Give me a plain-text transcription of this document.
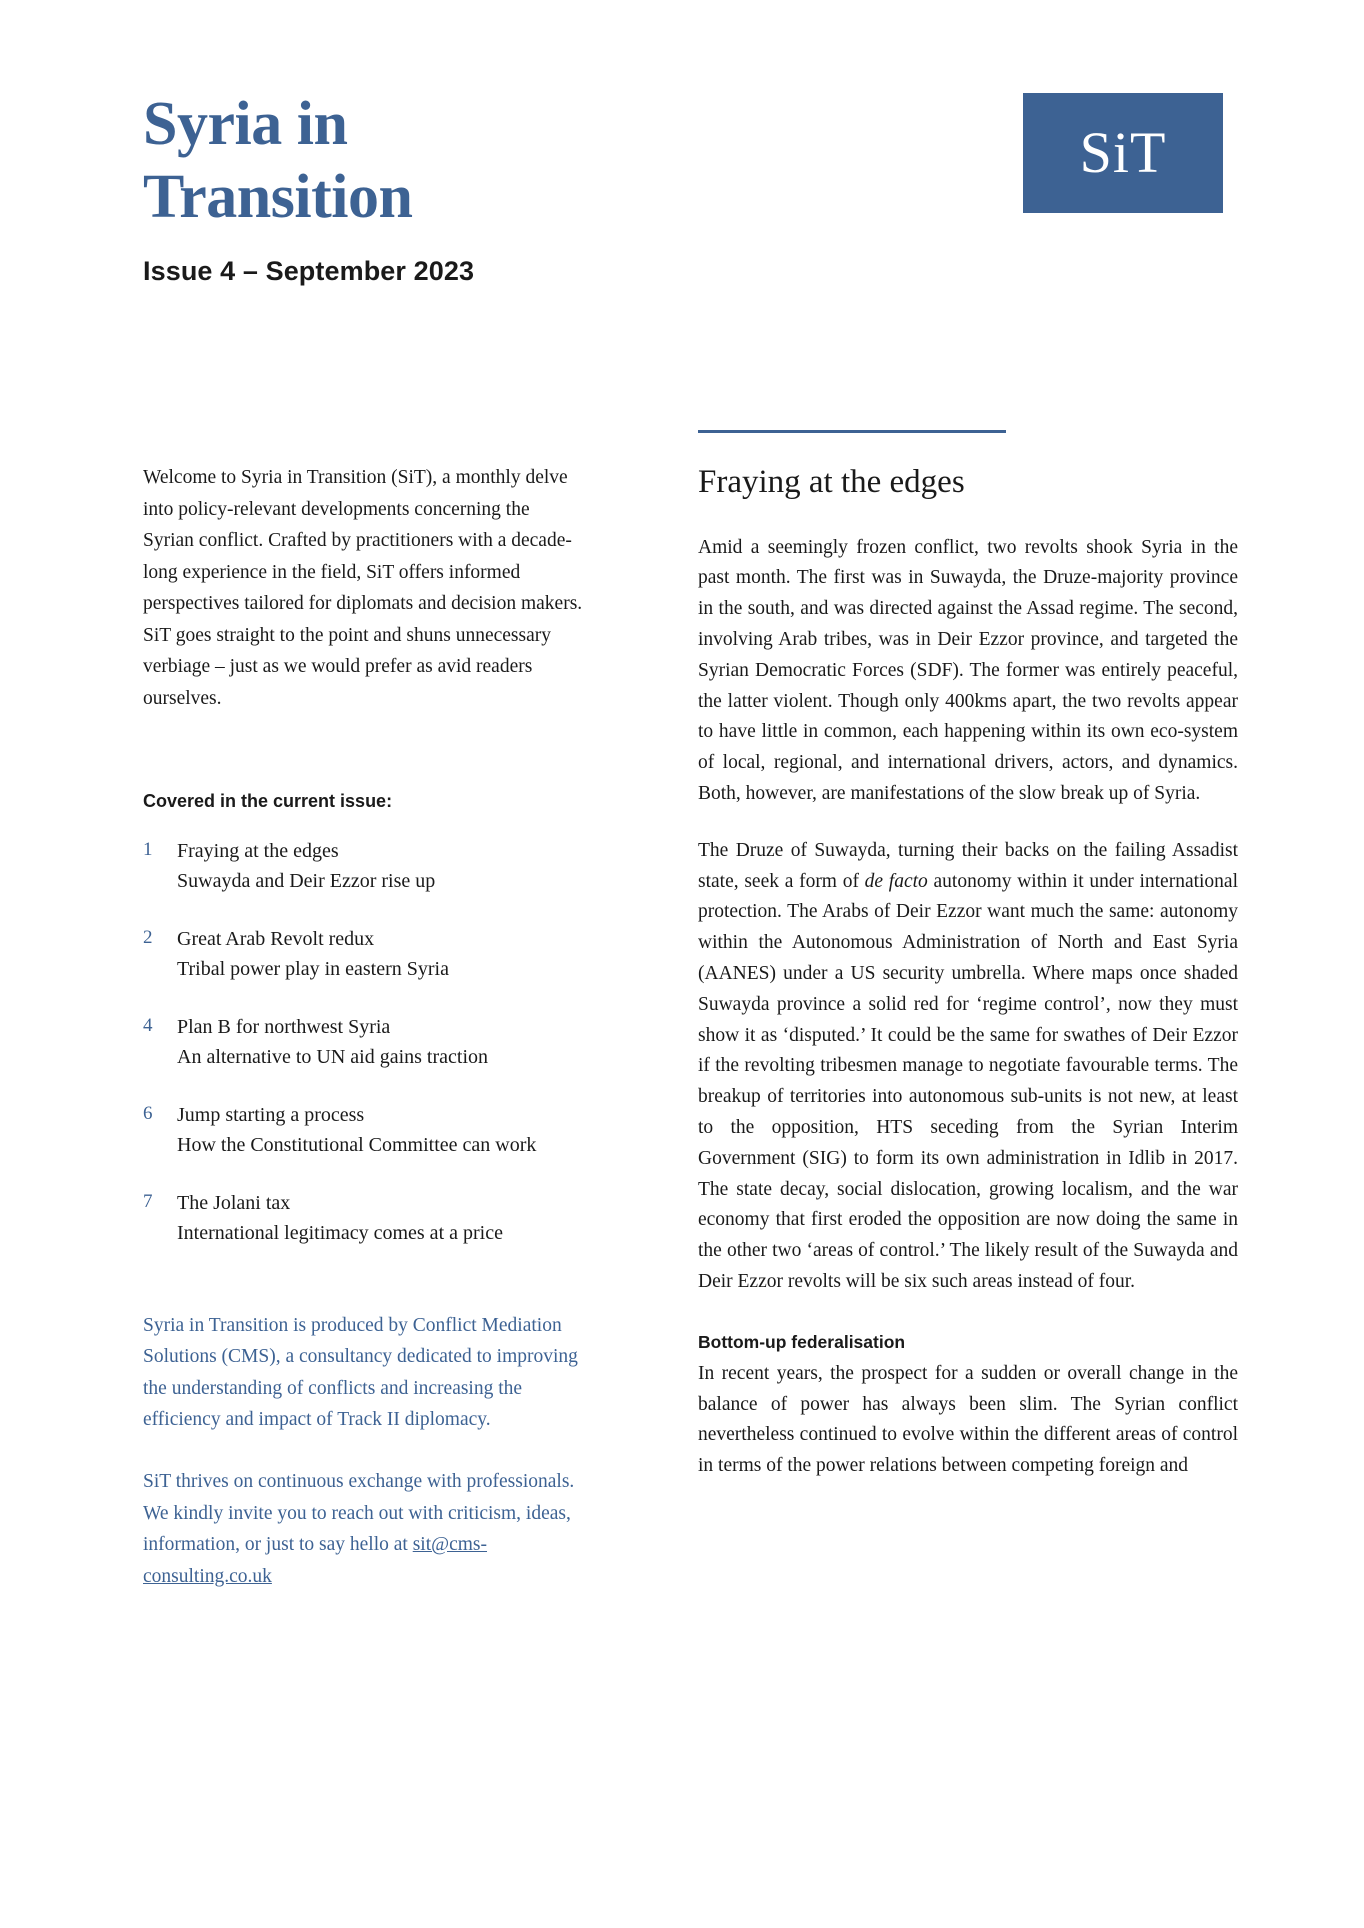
Syria in
Transition
Issue 4 – September 2023
SiT

Welcome to Syria in Transition (SiT), a monthly delve into policy-relevant developments concerning the Syrian conflict. Crafted by practitioners with a decade-long experience in the field, SiT offers informed perspectives tailored for diplomats and decision makers. SiT goes straight to the point and shuns unnecessary verbiage – just as we would prefer as avid readers ourselves.

Covered in the current issue:
1	Fraying at the edges
Suwayda and Deir Ezzor rise up
2	Great Arab Revolt redux
Tribal power play in eastern Syria
4	Plan B for northwest Syria
An alternative to UN aid gains traction
6	Jump starting a process
How the Constitutional Committee can work
7	The Jolani tax
International legitimacy comes at a price

Syria in Transition is produced by Conflict Mediation Solutions (CMS), a consultancy dedicated to improving the understanding of conflicts and increasing the efficiency and impact of Track II diplomacy.

SiT thrives on continuous exchange with professionals. We kindly invite you to reach out with criticism, ideas, information, or just to say hello at sit@cms-consulting.co.uk

Fraying at the edges

Amid a seemingly frozen conflict, two revolts shook Syria in the past month. The first was in Suwayda, the Druze-majority province in the south, and was directed against the Assad regime. The second, involving Arab tribes, was in Deir Ezzor province, and targeted the Syrian Democratic Forces (SDF). The former was entirely peaceful, the latter violent. Though only 400kms apart, the two revolts appear to have little in common, each happening within its own eco-system of local, regional, and international drivers, actors, and dynamics. Both, however, are manifestations of the slow break up of Syria.

The Druze of Suwayda, turning their backs on the failing Assadist state, seek a form of de facto autonomy within it under international protection. The Arabs of Deir Ezzor want much the same: autonomy within the Autonomous Administration of North and East Syria (AANES) under a US security umbrella. Where maps once shaded Suwayda province a solid red for ‘regime control’, now they must show it as ‘disputed.’ It could be the same for swathes of Deir Ezzor if the revolting tribesmen manage to negotiate favourable terms. The breakup of territories into autonomous sub-units is not new, at least to the opposition, HTS seceding from the Syrian Interim Government (SIG) to form its own administration in Idlib in 2017. The state decay, social dislocation, growing localism, and the war economy that first eroded the opposition are now doing the same in the other two ‘areas of control.’ The likely result of the Suwayda and Deir Ezzor revolts will be six such areas instead of four.

Bottom-up federalisation

In recent years, the prospect for a sudden or overall change in the balance of power has always been slim. The Syrian conflict nevertheless continued to evolve within the different areas of control in terms of the power relations between competing foreign and
